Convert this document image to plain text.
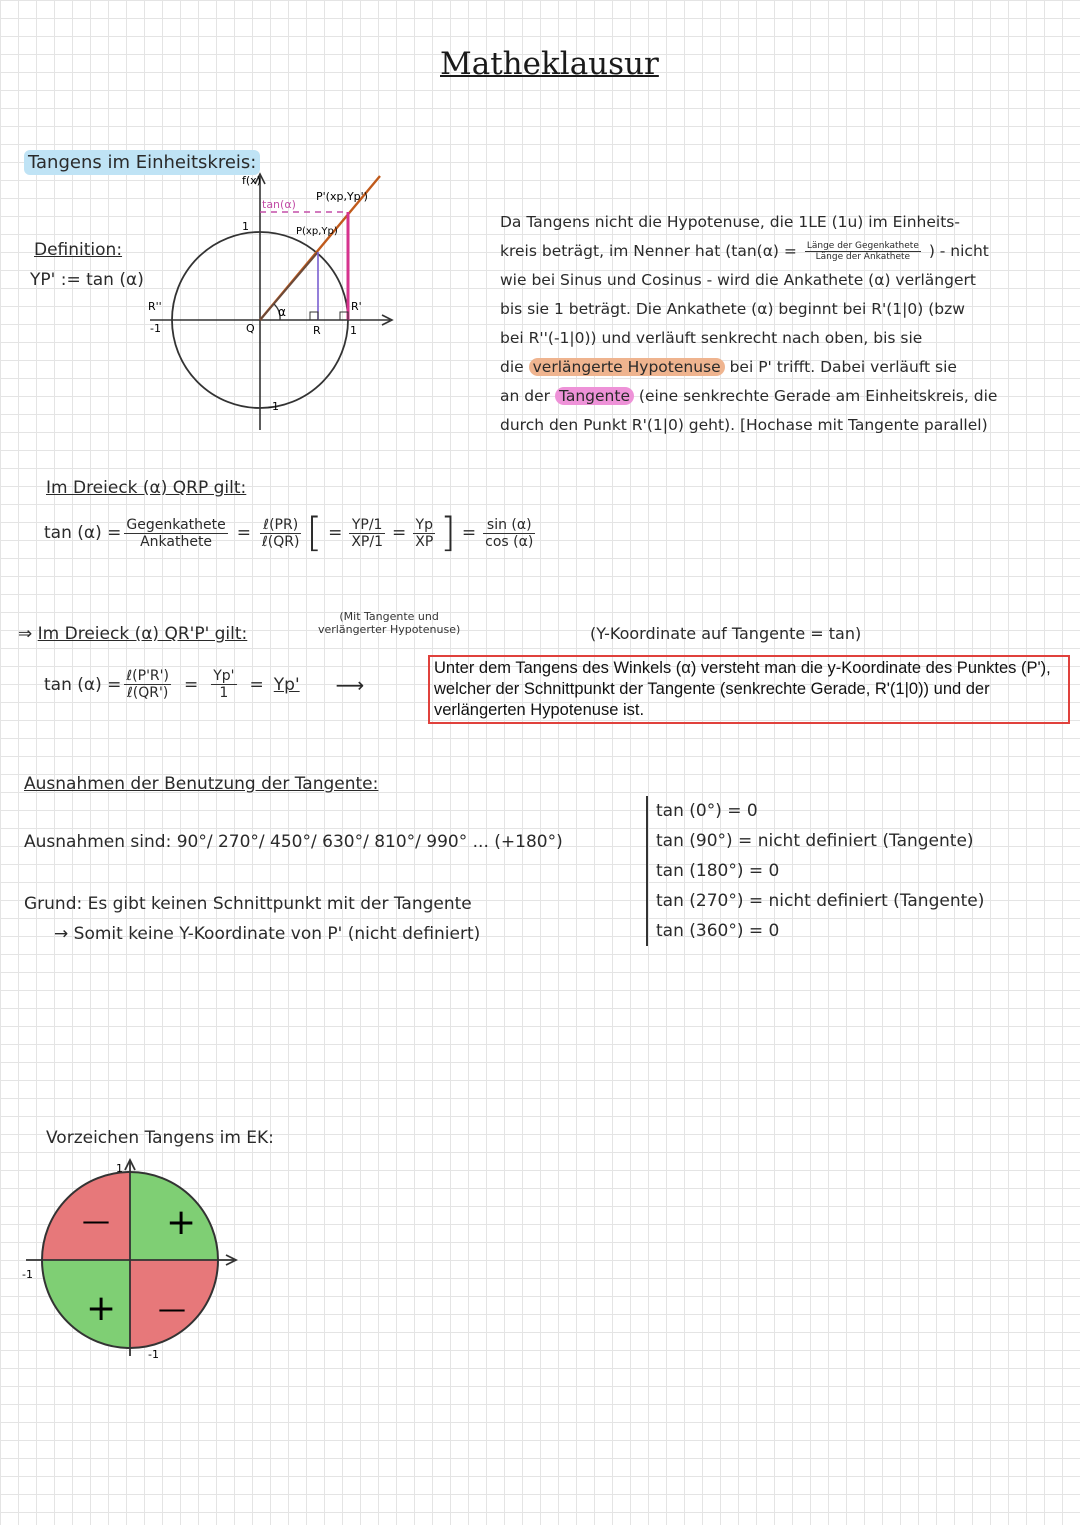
Matheklausur
Tangens im Einheitskreis:
Definition:
YP' := tan (α)
f(x)
tan(α)
P'(xp,Yp')
P(xp,Yp)
1
-1
-1
1
R''
Q	R
R'
α
Da Tangens nicht die Hypotenuse, die 1LE (1u) im Einheits-
kreis beträgt, im Nenner hat ($\tan(\alpha) = \frac{\text{Länge der Gegenkathete}}{\text{Länge der Ankathete}}$ ) - nicht
wie bei Sinus und Cosinus - wird die Ankathete (α) verlängert
bis sie 1 beträgt. Die Ankathete (α) beginnt bei R'(1|0) (bzw
bei R''(-1|0)) und verläuft senkrecht nach oben, bis sie
die verlängerte Hypotenuse bei P' trifft. Dabei verläuft sie
an der Tangente (eine senkrechte Gerade am Einheitskreis, die
durch den Punkt R'(1|0) geht). [Hochase mit Tangente parallel)
Im Dreieck (α) QRP gilt:
$\tan (\alpha) = \frac{\text{Gegenkathete}}{\text{Ankathete}} = \frac{\text{ℓ(PR)}}{\text{ℓ(QR)}}$ [ = $\frac{YP/1}{XP/1} = \frac{Yp}{XP}$ ] = $\frac{\sin (\alpha)}{\cos (\alpha)}$
⇒ Im Dreieck (α) QR'P' gilt:
(Mit Tangente und
verlängerter Hypotenuse)	(Y-Koordinate auf Tangente = tan)
$\tan (\alpha) = \frac{\text{ℓ(P'R')}}{\text{ℓ(QR')}} = \frac{Yp'}{1} = Yp'$ ⟶
Unter dem Tangens des Winkels (α) versteht man die y-Koordinate des Punktes (P'), welcher der Schnittpunkt der Tangente (senkrechte Gerade, R'(1|0)) und der verlängerten Hypotenuse ist.
Ausnahmen der Benutzung der Tangente:
Ausnahmen sind: 90°/ 270°/ 450°/ 630°/ 810°/ 990° ... (+180°)
Grund: Es gibt keinen Schnittpunkt mit der Tangente
→ Somit keine Y-Koordinate von P' (nicht definiert)
tan (0°) = 0
tan (90°) = nicht definiert (Tangente)
tan (180°) = 0
tan (270°) = nicht definiert (Tangente)
tan (360°) = 0
Vorzeichen Tangens im EK:
+
—
+ —
1
-1
-1
